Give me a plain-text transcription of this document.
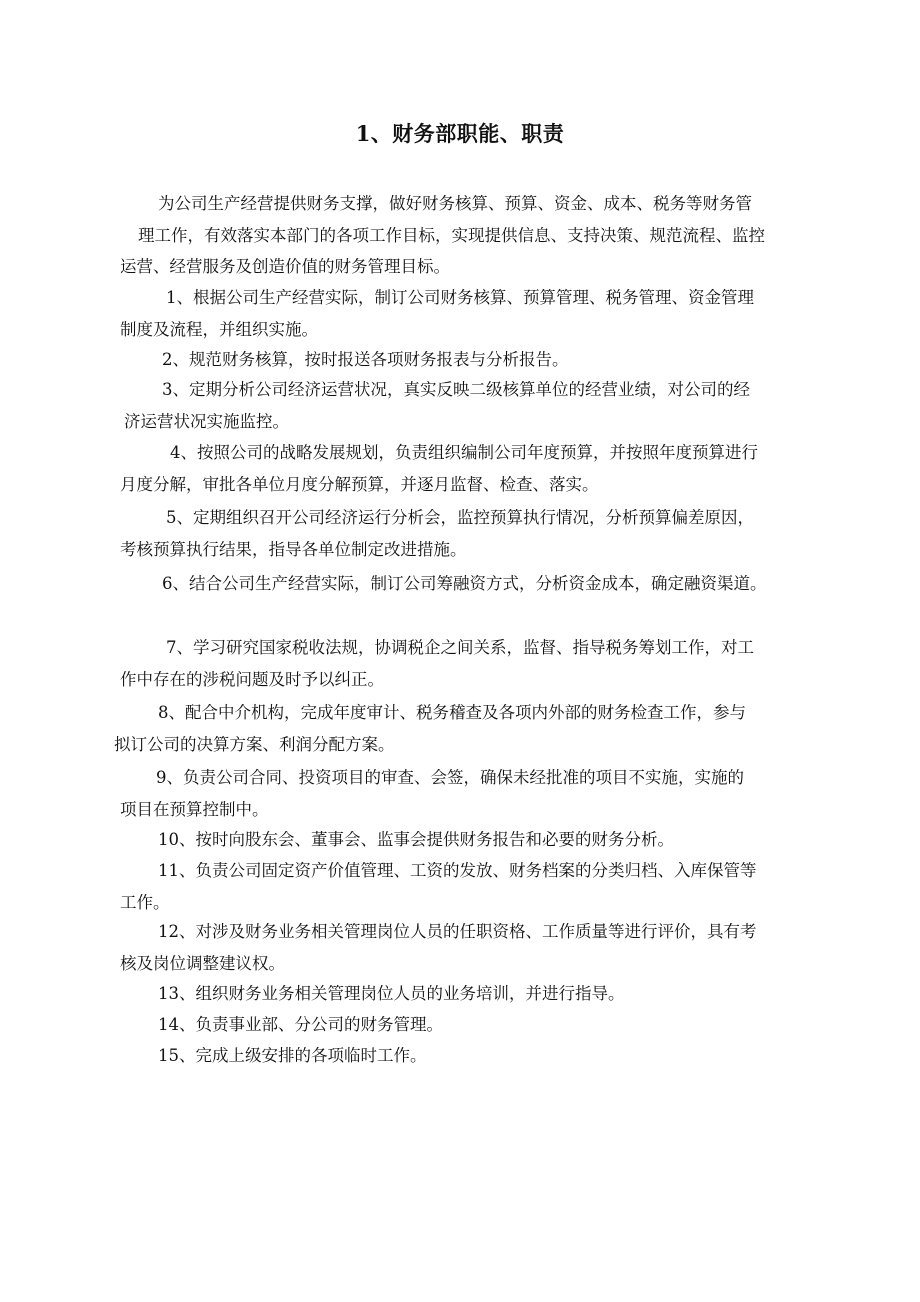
1、财务部职能、职责

为公司生产经营提供财务支撑，做好财务核算、预算、资金、成本、税务等财务管
理工作，有效落实本部门的各项工作目标，实现提供信息、支持决策、规范流程、监控
运营、经营服务及创造价值的财务管理目标。

1、根据公司生产经营实际，制订公司财务核算、预算管理、税务管理、资金管理
制度及流程，并组织实施。

2、规范财务核算，按时报送各项财务报表与分析报告。

3、定期分析公司经济运营状况，真实反映二级核算单位的经营业绩，对公司的经
济运营状况实施监控。

4、按照公司的战略发展规划，负责组织编制公司年度预算，并按照年度预算进行
月度分解，审批各单位月度分解预算，并逐月监督、检查、落实。

5、定期组织召开公司经济运行分析会，监控预算执行情况，分析预算偏差原因，
考核预算执行结果，指导各单位制定改进措施。

6、结合公司生产经营实际，制订公司筹融资方式，分析资金成本，确定融资渠道。

7、学习研究国家税收法规，协调税企之间关系，监督、指导税务筹划工作，对工
作中存在的涉税问题及时予以纠正。

8、配合中介机构，完成年度审计、税务稽查及各项内外部的财务检查工作，参与
拟订公司的决算方案、利润分配方案。

9、负责公司合同、投资项目的审查、会签，确保未经批准的项目不实施，实施的
项目在预算控制中。

10、按时向股东会、董事会、监事会提供财务报告和必要的财务分析。

11、负责公司固定资产价值管理、工资的发放、财务档案的分类归档、入库保管等
工作。

12、对涉及财务业务相关管理岗位人员的任职资格、工作质量等进行评价，具有考
核及岗位调整建议权。

13、组织财务业务相关管理岗位人员的业务培训，并进行指导。

14、负责事业部、分公司的财务管理。

15、完成上级安排的各项临时工作。
